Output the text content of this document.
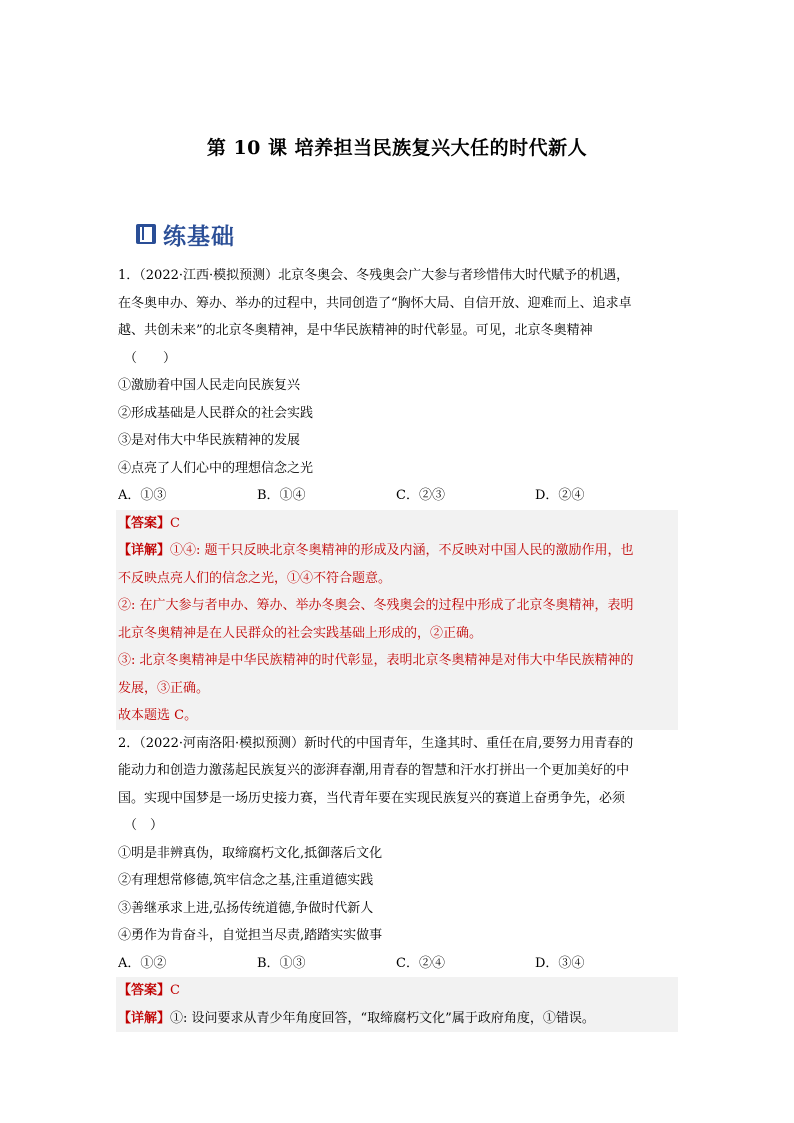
第 10 课 培养担当民族复兴大任的时代新人
练基础
1．（2022·江西·模拟预测）北京冬奥会、冬残奥会广大参与者珍惜伟大时代赋予的机遇，
在冬奥申办、筹办、举办的过程中，共同创造了“胸怀大局、自信开放、迎难而上、追求卓
越、共创未来”的北京冬奥精神，是中华民族精神的时代彰显。可见，北京冬奥精神
（　　）
①激励着中国人民走向民族复兴
②形成基础是人民群众的社会实践
③是对伟大中华民族精神的发展
④点亮了人们心中的理想信念之光
A．①③	B．①④	C．②③	D．②④
【答案】C
【详解】①④: 题干只反映北京冬奥精神的形成及内涵，不反映对中国人民的激励作用，也
不反映点亮人们的信念之光，①④不符合题意。
②: 在广大参与者申办、筹办、举办冬奥会、冬残奥会的过程中形成了北京冬奥精神，表明
北京冬奥精神是在人民群众的社会实践基础上形成的，②正确。
③: 北京冬奥精神是中华民族精神的时代彰显，表明北京冬奥精神是对伟大中华民族精神的
发展，③正确。
故本题选 C。
2．（2022·河南洛阳·模拟预测）新时代的中国青年，生逢其时、重任在肩,要努力用青春的
能动力和创造力激荡起民族复兴的澎湃春潮,用青春的智慧和汗水打拼出一个更加美好的中
国。实现中国梦是一场历史接力赛，当代青年要在实现民族复兴的赛道上奋勇争先，必须
（　）
①明是非辨真伪，取缔腐朽文化,抵御落后文化
②有理想常修德,筑牢信念之基,注重道德实践
③善继承求上进,弘扬传统道德,争做时代新人
④勇作为肯奋斗，自觉担当尽责,踏踏实实做事
A．①②	B．①③	C．②④	D．③④
【答案】C
【详解】①: 设问要求从青少年角度回答，“取缔腐朽文化”属于政府角度，①错误。
